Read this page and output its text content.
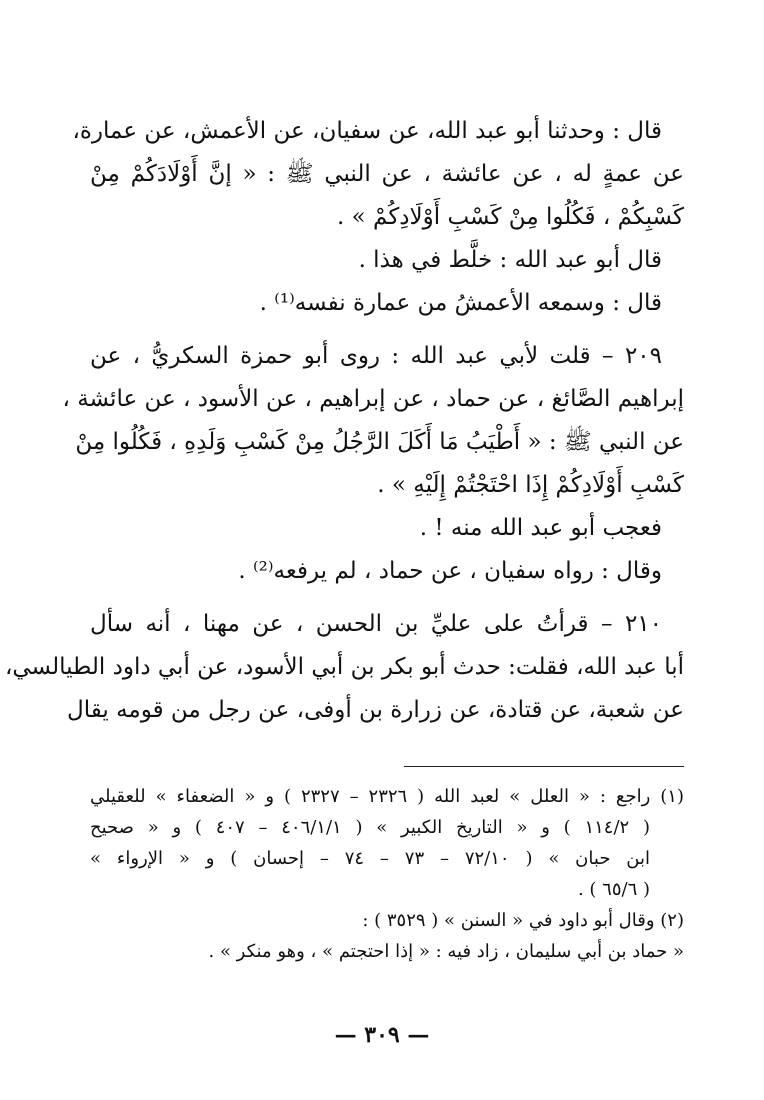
قال : وحدثنا أبو عبد الله، عن سفيان، عن الأعمش، عن عمارة،
عن عمةٍ له ، عن عائشة ، عن النبي ﷺ : « إنَّ أَوْلَادَكُمْ مِنْ
كَسْبِكُمْ ، فَكُلُوا مِنْ كَسْبِ أَوْلَادِكُمْ » .
قال أبو عبد الله : خلَّط في هذا .
قال : وسمعه الأعمشُ من عمارة نفسه⁽¹⁾ .
٢٠٩ – قلت لأبي عبد الله : روى أبو حمزة السكريُّ ، عن
إبراهيم الصَّائغ ، عن حماد ، عن إبراهيم ، عن الأسود ، عن عائشة ،
عن النبي ﷺ : « أَطْيَبُ مَا أَكَلَ الرَّجُلُ مِنْ كَسْبِ وَلَدِهِ ، فَكُلُوا مِنْ
كَسْبِ أَوْلَادِكُمْ إِذَا احْتَجْتُمْ إِلَيْهِ » .
فعجب أبو عبد الله منه ! .
وقال : رواه سفيان ، عن حماد ، لم يرفعه⁽²⁾ .
٢١٠ – قرأتُ على عليِّ بن الحسن ، عن مهنا ، أنه سأل
أبا عبد الله، فقلت: حدث أبو بكر بن أبي الأسود، عن أبي داود الطيالسي،
عن شعبة، عن قتادة، عن زرارة بن أوفى، عن رجل من قومه يقال
(١) راجع : « العلل » لعبد الله ( ٢٣٢٦ – ٢٣٢٧ ) و « الضعفاء » للعقيلي
( ١١٤/٢ ) و « التاريخ الكبير » ( ٤٠٦/١/١ – ٤٠٧ ) و « صحيح
ابن حبان » ( ٧٢/١٠ – ٧٣ – ٧٤ – إحسان ) و « الإرواء »
( ٦٥/٦ ) .
(٢) وقال أبو داود في « السنن » ( ٣٥٢٩ ) :
« حماد بن أبي سليمان ، زاد فيه : « إذا احتجتم » ، وهو منكر » .
— ٣٠٩ —
